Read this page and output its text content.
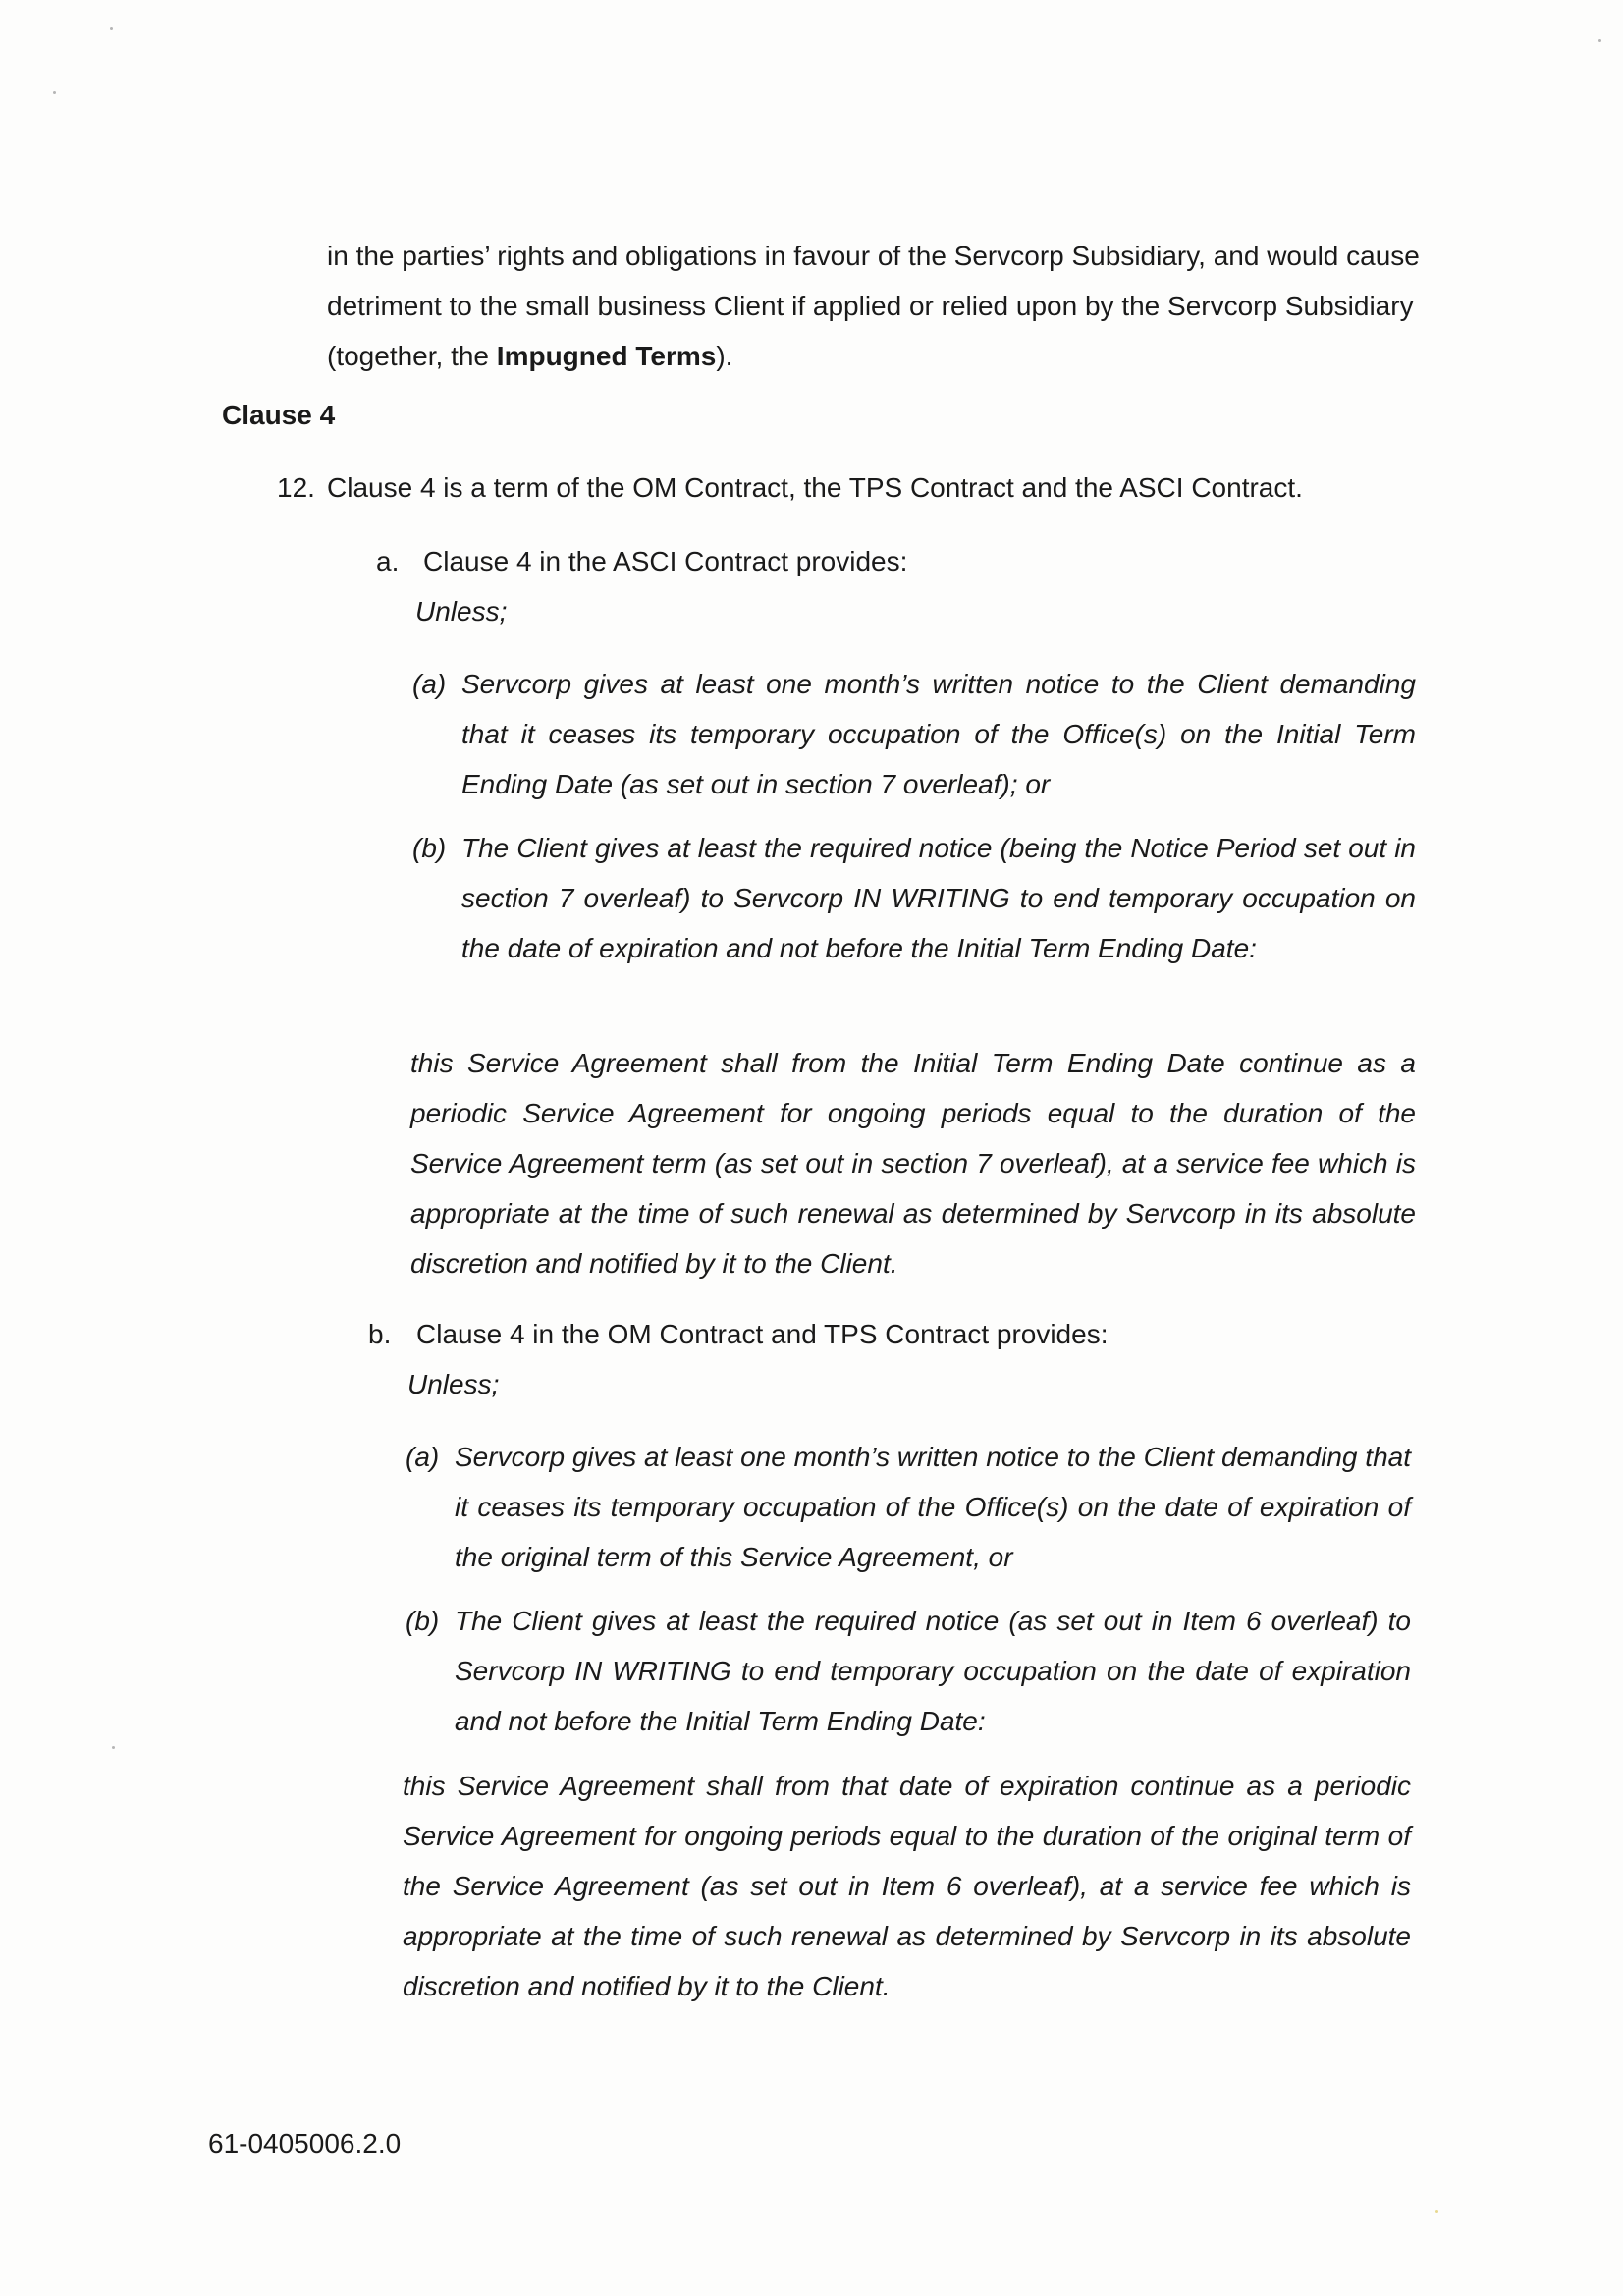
in the parties’ rights and obligations in favour of the Servcorp Subsidiary, and would cause detriment to the small business Client if applied or relied upon by the Servcorp Subsidiary (together, the Impugned Terms).

Clause 4

12. Clause 4 is a term of the OM Contract, the TPS Contract and the ASCI Contract.

a. Clause 4 in the ASCI Contract provides:

Unless;

(a) Servcorp gives at least one month’s written notice to the Client demanding that it ceases its temporary occupation of the Office(s) on the Initial Term Ending Date (as set out in section 7 overleaf); or

(b) The Client gives at least the required notice (being the Notice Period set out in section 7 overleaf) to Servcorp IN WRITING to end temporary occupation on the date of expiration and not before the Initial Term Ending Date:

this Service Agreement shall from the Initial Term Ending Date continue as a periodic Service Agreement for ongoing periods equal to the duration of the Service Agreement term (as set out in section 7 overleaf), at a service fee which is appropriate at the time of such renewal as determined by Servcorp in its absolute discretion and notified by it to the Client.

b. Clause 4 in the OM Contract and TPS Contract provides:

Unless;

(a) Servcorp gives at least one month’s written notice to the Client demanding that it ceases its temporary occupation of the Office(s) on the date of expiration of the original term of this Service Agreement, or

(b) The Client gives at least the required notice (as set out in Item 6 overleaf) to Servcorp IN WRITING to end temporary occupation on the date of expiration and not before the Initial Term Ending Date:

this Service Agreement shall from that date of expiration continue as a periodic Service Agreement for ongoing periods equal to the duration of the original term of the Service Agreement (as set out in Item 6 overleaf), at a service fee which is appropriate at the time of such renewal as determined by Servcorp in its absolute discretion and notified by it to the Client.

61-0405006.2.0
